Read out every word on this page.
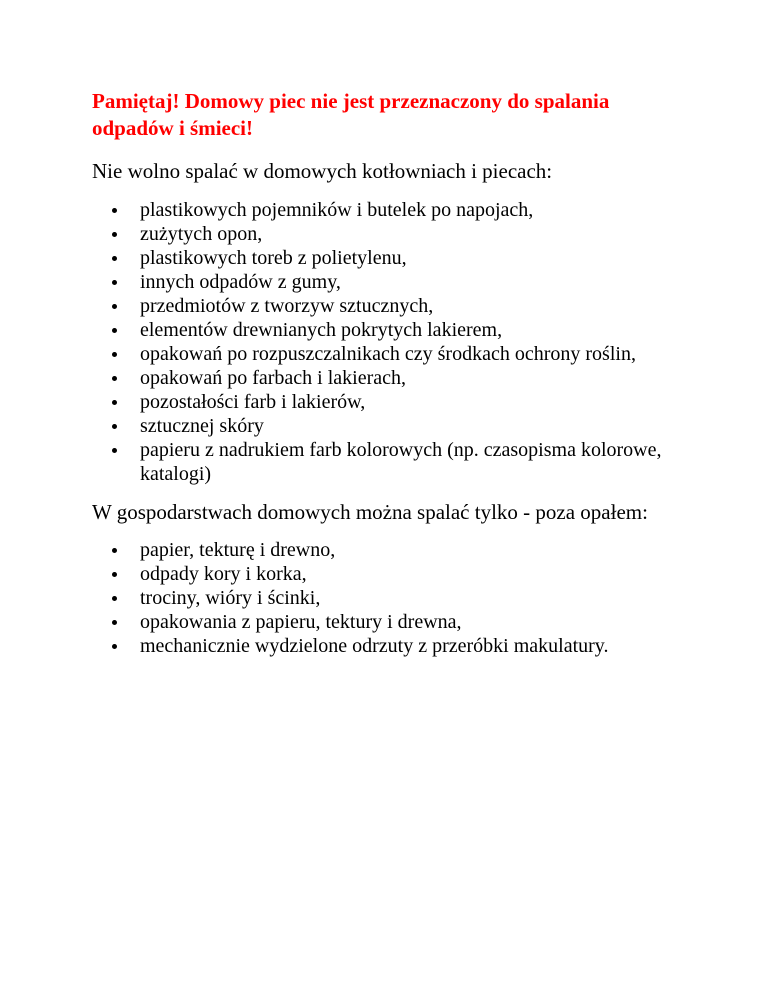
Pamiętaj! Domowy piec nie jest przeznaczony do spalania odpadów i śmieci!

Nie wolno spalać w domowych kotłowniach i piecach:

plastikowych pojemników i butelek po napojach,
zużytych opon,
plastikowych toreb z polietylenu,
innych odpadów z gumy,
przedmiotów z tworzyw sztucznych,
elementów drewnianych pokrytych lakierem,
opakowań po rozpuszczalnikach czy środkach ochrony roślin,
opakowań po farbach i lakierach,
pozostałości farb i lakierów,
sztucznej skóry
papieru z nadrukiem farb kolorowych (np. czasopisma kolorowe, katalogi)

W gospodarstwach domowych można spalać tylko - poza opałem:

papier, tekturę i drewno,
odpady kory i korka,
trociny, wióry i ścinki,
opakowania z papieru, tektury i drewna,
mechanicznie wydzielone odrzuty z przeróbki makulatury.
